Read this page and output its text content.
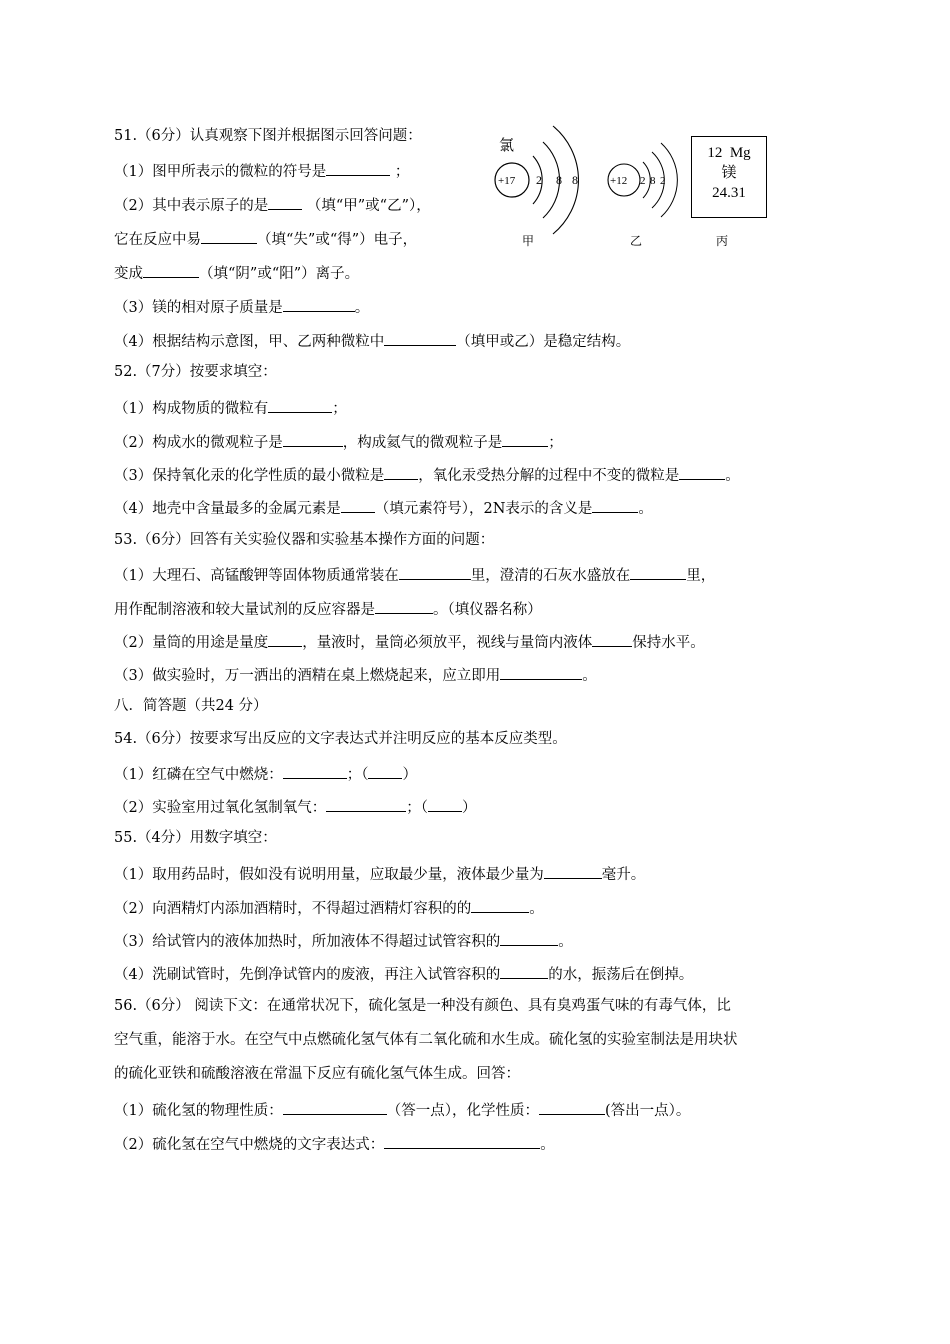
51.（6分）认真观察下图并根据图示回答问题：
（1）图甲所表示的微粒的符号是	；
（2）其中表示原子的是 （填“甲”或“乙”），
它在反应中易	（填“失”或“得”）电子，
变成	（填“阴”或“阳”）离子。
（3）镁的相对原子质量是	。
（4）根据结构示意图，甲、乙两种微粒中	（填甲或乙）是稳定结构。
氯
+17 2 8 8
甲
+12 2 8 2
乙
12 Mg
镁
24.31
丙
52.（7分）按要求填空：
（1）构成物质的微粒有	；
（2）构成水的微观粒子是	，构成氦气的微观粒子是	；
（3）保持氧化汞的化学性质的最小微粒是 ，氧化汞受热分解的过程中不变的微粒是	。
（4）地壳中含量最多的金属元素是 （填元素符号），2N表示的含义是	。
53.（6分）回答有关实验仪器和实验基本操作方面的问题：
（1）大理石、高锰酸钾等固体物质通常装在	里，澄清的石灰水盛放在	里，
用作配制溶液和较大量试剂的反应容器是	。（填仪器名称）
（2）量筒的用途是量度 ，量液时，量筒必须放平，视线与量筒内液体	保持水平。
（3）做实验时，万一洒出的酒精在桌上燃烧起来，应立即用	。
八．简答题（共24 分）
54.（6分）按要求写出反应的文字表达式并注明反应的基本反应类型。
（1）红磷在空气中燃烧：	；（ ）
（2）实验室用过氧化氢制氧气：	；（ ）
55.（4分）用数字填空：
（1）取用药品时，假如没有说明用量，应取最少量，液体最少量为	毫升。
（2）向酒精灯内添加酒精时，不得超过酒精灯容积的的	。
（3）给试管内的液体加热时，所加液体不得超过试管容积的	。
（4）洗刷试管时，先倒净试管内的废液，再注入试管容积的	的水，振荡后在倒掉。
56.（6分） 阅读下文：在通常状况下，硫化氢是一种没有颜色、具有臭鸡蛋气味的有毒气体，比
空气重，能溶于水。在空气中点燃硫化氢气体有二氧化硫和水生成。硫化氢的实验室制法是用块状
的硫化亚铁和硫酸溶液在常温下反应有硫化氢气体生成。回答：
（1）硫化氢的物理性质：	（答一点），化学性质：	(答出一点）。
（2）硫化氢在空气中燃烧的文字表达式：	。
